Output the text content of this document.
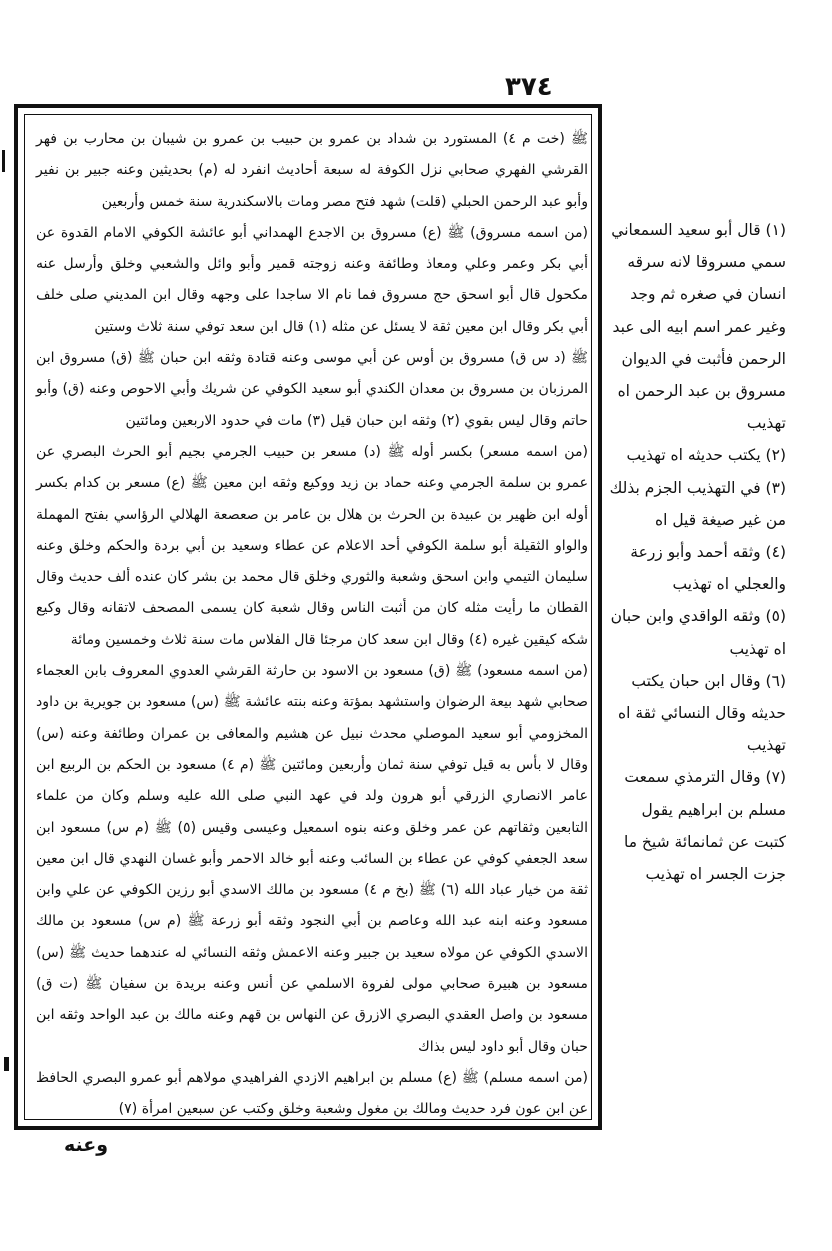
٣٧٤

ﷺ (خت م ٤) المستورد بن شداد بن عمرو بن حبيب بن عمرو بن شيبان بن محارب بن فهر القرشي الفهري صحابي نزل الكوفة له سبعة أحاديث انفرد له (م) بحديثين وعنه جبير بن نفير وأبو عبد الرحمن الحبلي (قلت) شهد فتح مصر ومات بالاسكندرية سنة خمس وأربعين

(من اسمه مسروق) ﷺ (ع) مسروق بن الاجدع الهمداني أبو عائشة الكوفي الامام القدوة عن أبي بكر وعمر وعلي ومعاذ وطائفة وعنه زوجته قمير وأبو وائل والشعبي وخلق وأرسل عنه مكحول قال أبو اسحق حج مسروق فما نام الا ساجدا على وجهه وقال ابن المديني صلى خلف أبي بكر وقال ابن معين ثقة لا يسئل عن مثله (١) قال ابن سعد توفي سنة ثلاث وستين

ﷺ (د س ق) مسروق بن أوس عن أبي موسى وعنه قتادة وثقه ابن حبان ﷺ (ق) مسروق ابن المرزبان بن مسروق بن معدان الكندي أبو سعيد الكوفي عن شريك وأبي الاحوص وعنه (ق) وأبو حاتم وقال ليس بقوي (٢) وثقه ابن حبان قيل (٣) مات في حدود الاربعين ومائتين

(من اسمه مسعر) بكسر أوله ﷺ (د) مسعر بن حبيب الجرمي بجيم أبو الحرث البصري عن عمرو بن سلمة الجرمي وعنه حماد بن زيد ووكيع وثقه ابن معين ﷺ (ع) مسعر بن كدام بكسر أوله ابن ظهير بن عبيدة بن الحرث بن هلال بن عامر بن صعصعة الهلالي الرؤاسي بفتح المهملة والواو الثقيلة أبو سلمة الكوفي أحد الاعلام عن عطاء وسعيد بن أبي بردة والحكم وخلق وعنه سليمان التيمي وابن اسحق وشعبة والثوري وخلق قال محمد بن بشر كان عنده ألف حديث وقال القطان ما رأيت مثله كان من أثبت الناس وقال شعبة كان يسمى المصحف لاتقانه وقال وكيع شكه كيقين غيره (٤) وقال ابن سعد كان مرجئا قال الفلاس مات سنة ثلاث وخمسين ومائة

(من اسمه مسعود) ﷺ (ق) مسعود بن الاسود بن حارثة القرشي العدوي المعروف بابن العجماء صحابي شهد بيعة الرضوان واستشهد بمؤتة وعنه بنته عائشة ﷺ (س) مسعود بن جويرية بن داود المخزومي أبو سعيد الموصلي محدث نبيل عن هشيم والمعافى بن عمران وطائفة وعنه (س) وقال لا بأس به قيل توفي سنة ثمان وأربعين ومائتين ﷺ (م ٤) مسعود بن الحكم بن الربيع ابن عامر الانصاري الزرقي أبو هرون ولد في عهد النبي صلى الله عليه وسلم وكان من علماء التابعين وثقاتهم عن عمر وخلق وعنه بنوه اسمعيل وعيسى وقيس (٥) ﷺ (م س) مسعود ابن سعد الجعفي كوفي عن عطاء بن السائب وعنه أبو خالد الاحمر وأبو غسان النهدي قال ابن معين ثقة من خيار عباد الله (٦) ﷺ (بخ م ٤) مسعود بن مالك الاسدي أبو رزين الكوفي عن علي وابن مسعود وعنه ابنه عبد الله وعاصم بن أبي النجود وثقه أبو زرعة ﷺ (م س) مسعود بن مالك الاسدي الكوفي عن مولاه سعيد بن جبير وعنه الاعمش وثقه النسائي له عندهما حديث ﷺ (س) مسعود بن هبيرة صحابي مولى لفروة الاسلمي عن أنس وعنه بريدة بن سفيان ﷺ (ت ق) مسعود بن واصل العقدي البصري الازرق عن النهاس بن قهم وعنه مالك بن عبد الواحد وثقه ابن حبان وقال أبو داود ليس بذاك

(من اسمه مسلم) ﷺ (ع) مسلم بن ابراهيم الازدي الفراهيدي مولاهم أبو عمرو البصري الحافظ عن ابن عون فرد حديث ومالك بن مغول وشعبة وخلق وكتب عن سبعين امرأة (٧)

(١) قال أبو سعيد السمعاني سمي مسروقا لانه سرقه انسان في صغره ثم وجد وغير عمر اسم ابيه الى عبد الرحمن فأثبت في الديوان مسروق بن عبد الرحمن اه تهذيب

(٢) يكتب حديثه اه تهذيب

(٣) في التهذيب الجزم بذلك من غير صيغة قيل اه

(٤) وثقه أحمد وأبو زرعة والعجلي اه تهذيب

(٥) وثقه الواقدي وابن حبان اه تهذيب

(٦) وقال ابن حبان يكتب حديثه وقال النسائي ثقة اه تهذيب

(٧) وقال الترمذي سمعت مسلم بن ابراهيم يقول كتبت عن ثمانمائة شيخ ما جزت الجسر اه تهذيب

وعنه
